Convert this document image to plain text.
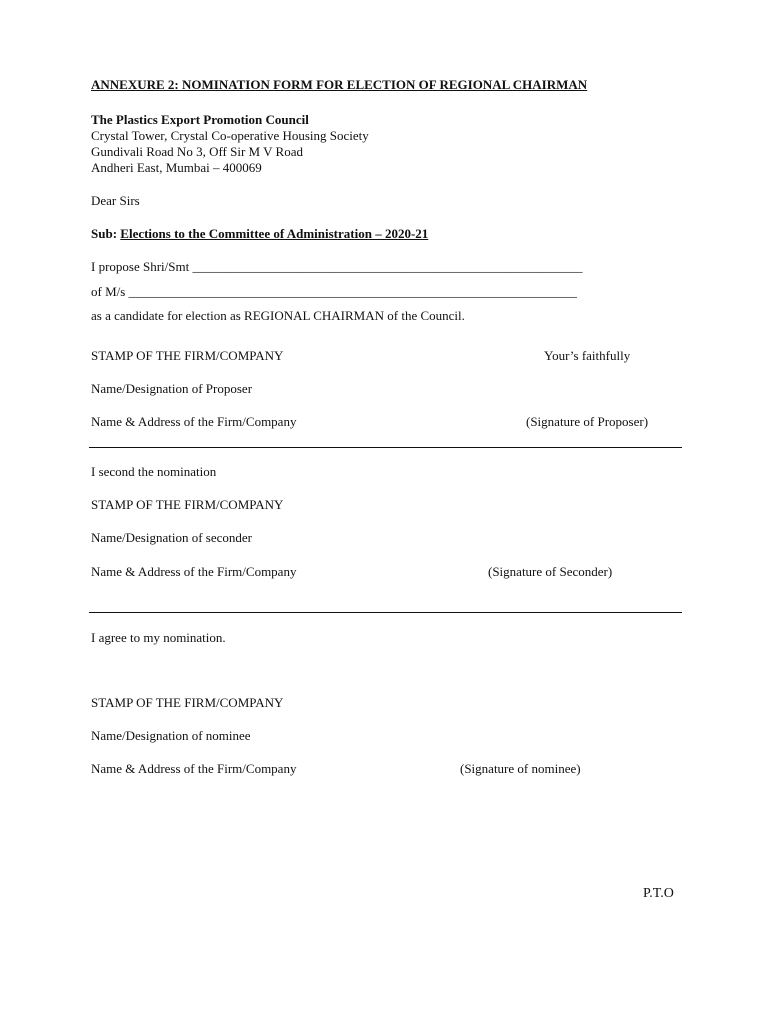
ANNEXURE 2: NOMINATION FORM FOR ELECTION OF REGIONAL CHAIRMAN
The Plastics Export Promotion Council
Crystal Tower, Crystal Co-operative Housing Society
Gundivali Road No 3, Off Sir M V Road
Andheri East, Mumbai – 400069
Dear Sirs
Sub: Elections to the Committee of Administration – 2020-21
I propose Shri/Smt ____________________________________________________________
of M/s _____________________________________________________________________
as a candidate for election as REGIONAL CHAIRMAN of the Council.
STAMP OF THE FIRM/COMPANY	Your’s faithfully
Name/Designation of Proposer
Name & Address of the Firm/Company	(Signature of Proposer)
I second the nomination
STAMP OF THE FIRM/COMPANY
Name/Designation of seconder
Name & Address of the Firm/Company	(Signature of Seconder)
I agree to my nomination.
STAMP OF THE FIRM/COMPANY
Name/Designation of nominee
Name & Address of the Firm/Company	(Signature of nominee)
P.T.O
